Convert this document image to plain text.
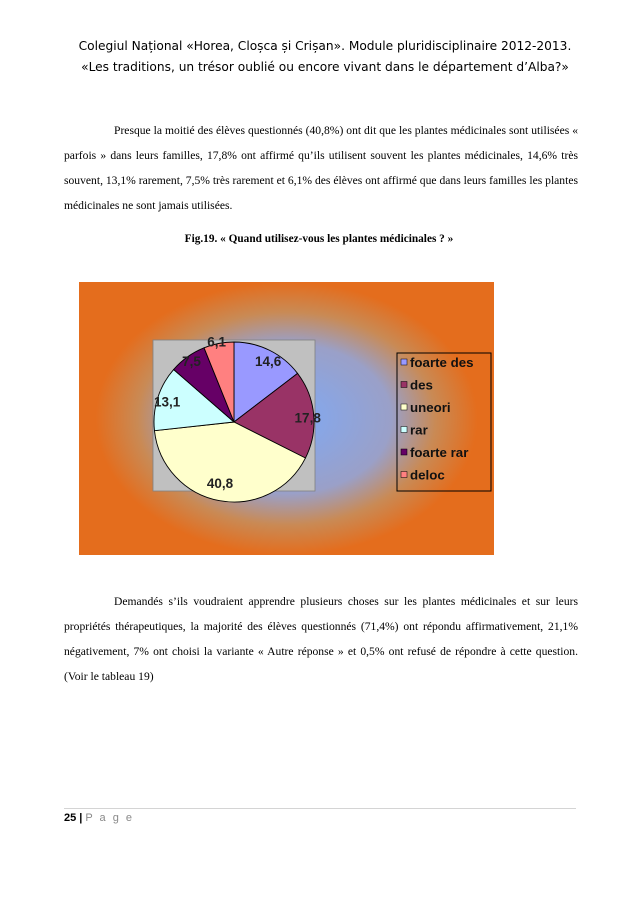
Colegiul Național «Horea, Cloșca și Crișan». Module pluridisciplinaire 2012-2013.
«Les traditions, un trésor oublié ou encore vivant dans le département d’Alba?»

Presque la moitié des élèves questionnés (40,8%) ont dit que les plantes médicinales sont utilisées « parfois » dans leurs familles, 17,8% ont affirmé qu’ils utilisent souvent les plantes médicinales, 14,6% très souvent, 13,1% rarement, 7,5% très rarement et 6,1% des élèves ont affirmé que dans leurs familles les plantes médicinales ne sont jamais utilisées.

Fig.19. « Quand utilisez-vous les plantes médicinales ? »
14,6
17,8
40,8
13,1
7,5
6,1
foarte des
des
uneori
rar
foarte rar
deloc

Demandés s’ils voudraient apprendre plusieurs choses sur les plantes médicinales et sur leurs propriétés thérapeutiques, la majorité des élèves questionnés (71,4%) ont répondu affirmativement, 21,1% négativement, 7% ont choisi la variante « Autre réponse » et 0,5% ont refusé de répondre à cette question. (Voir le tableau 19)

25 | P a g e
